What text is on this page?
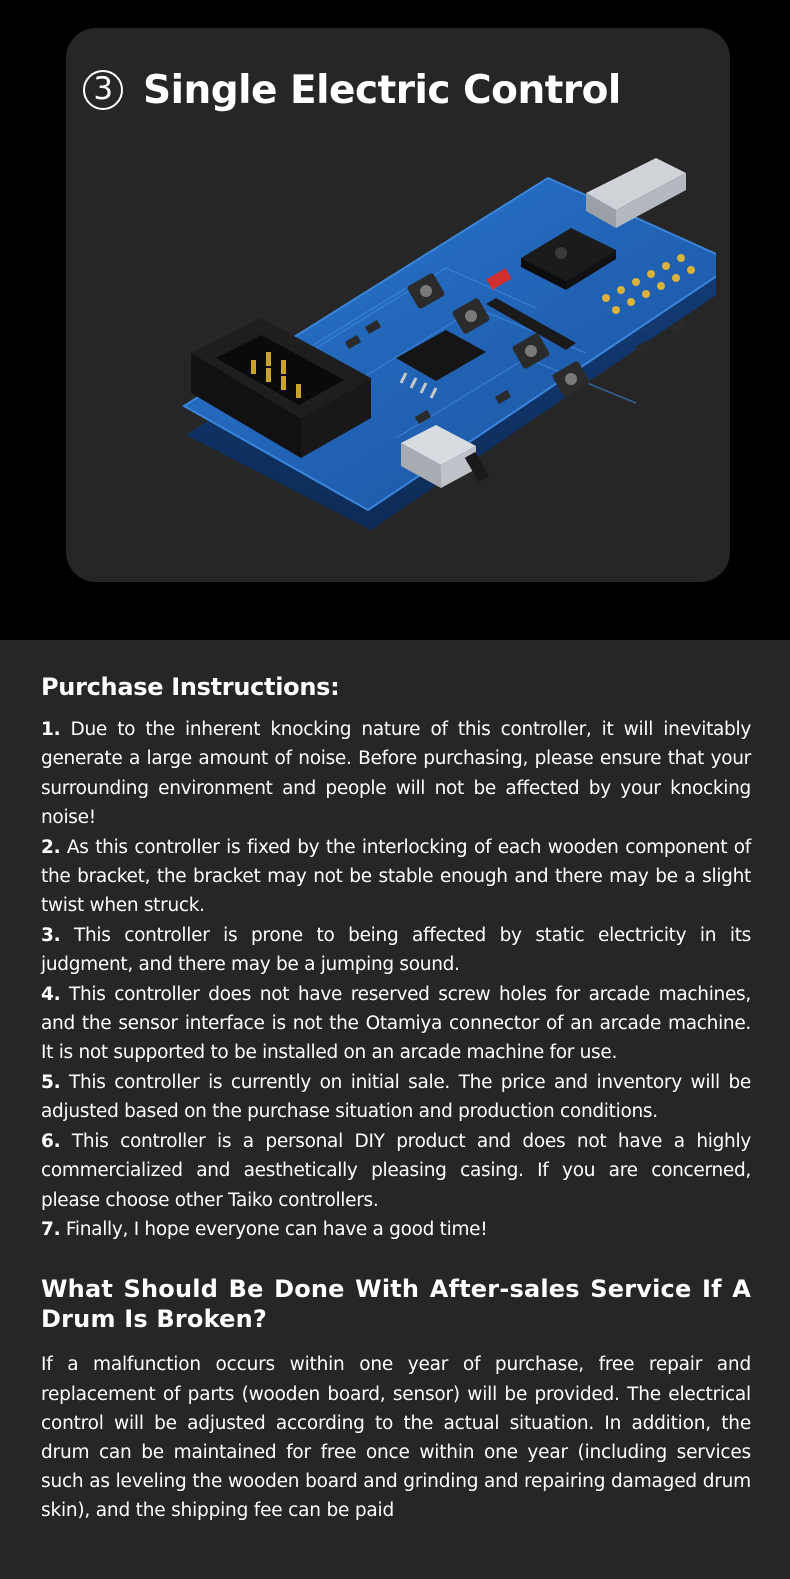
3 Single Electric Control
Purchase Instructions:
1. Due to the inherent knocking nature of this controller, it will inevitably generate a large amount of noise. Before purchasing, please ensure that your surrounding environment and people will not be affected by your knocking noise!
2. As this controller is fixed by the interlocking of each wooden component of the bracket, the bracket may not be stable enough and there may be a slight twist when struck.
3. This controller is prone to being affected by static electricity in its judgment, and there may be a jumping sound.
4. This controller does not have reserved screw holes for arcade machines, and the sensor interface is not the Otamiya connector of an arcade machine. It is not supported to be installed on an arcade machine for use.
5. This controller is currently on initial sale. The price and inventory will be adjusted based on the purchase situation and production conditions.
6. This controller is a personal DIY product and does not have a highly commercialized and aesthetically pleasing casing. If you are concerned, please choose other Taiko controllers.
7. Finally, I hope everyone can have a good time!
What Should Be Done With After-sales Service If A Drum Is Broken?
If a malfunction occurs within one year of purchase, free repair and replacement of parts (wooden board, sensor) will be provided. The electrical control will be adjusted according to the actual situation. In addition, the drum can be maintained for free once within one year (including services such as leveling the wooden board and grinding and repairing damaged drum skin), and the shipping fee can be paid
